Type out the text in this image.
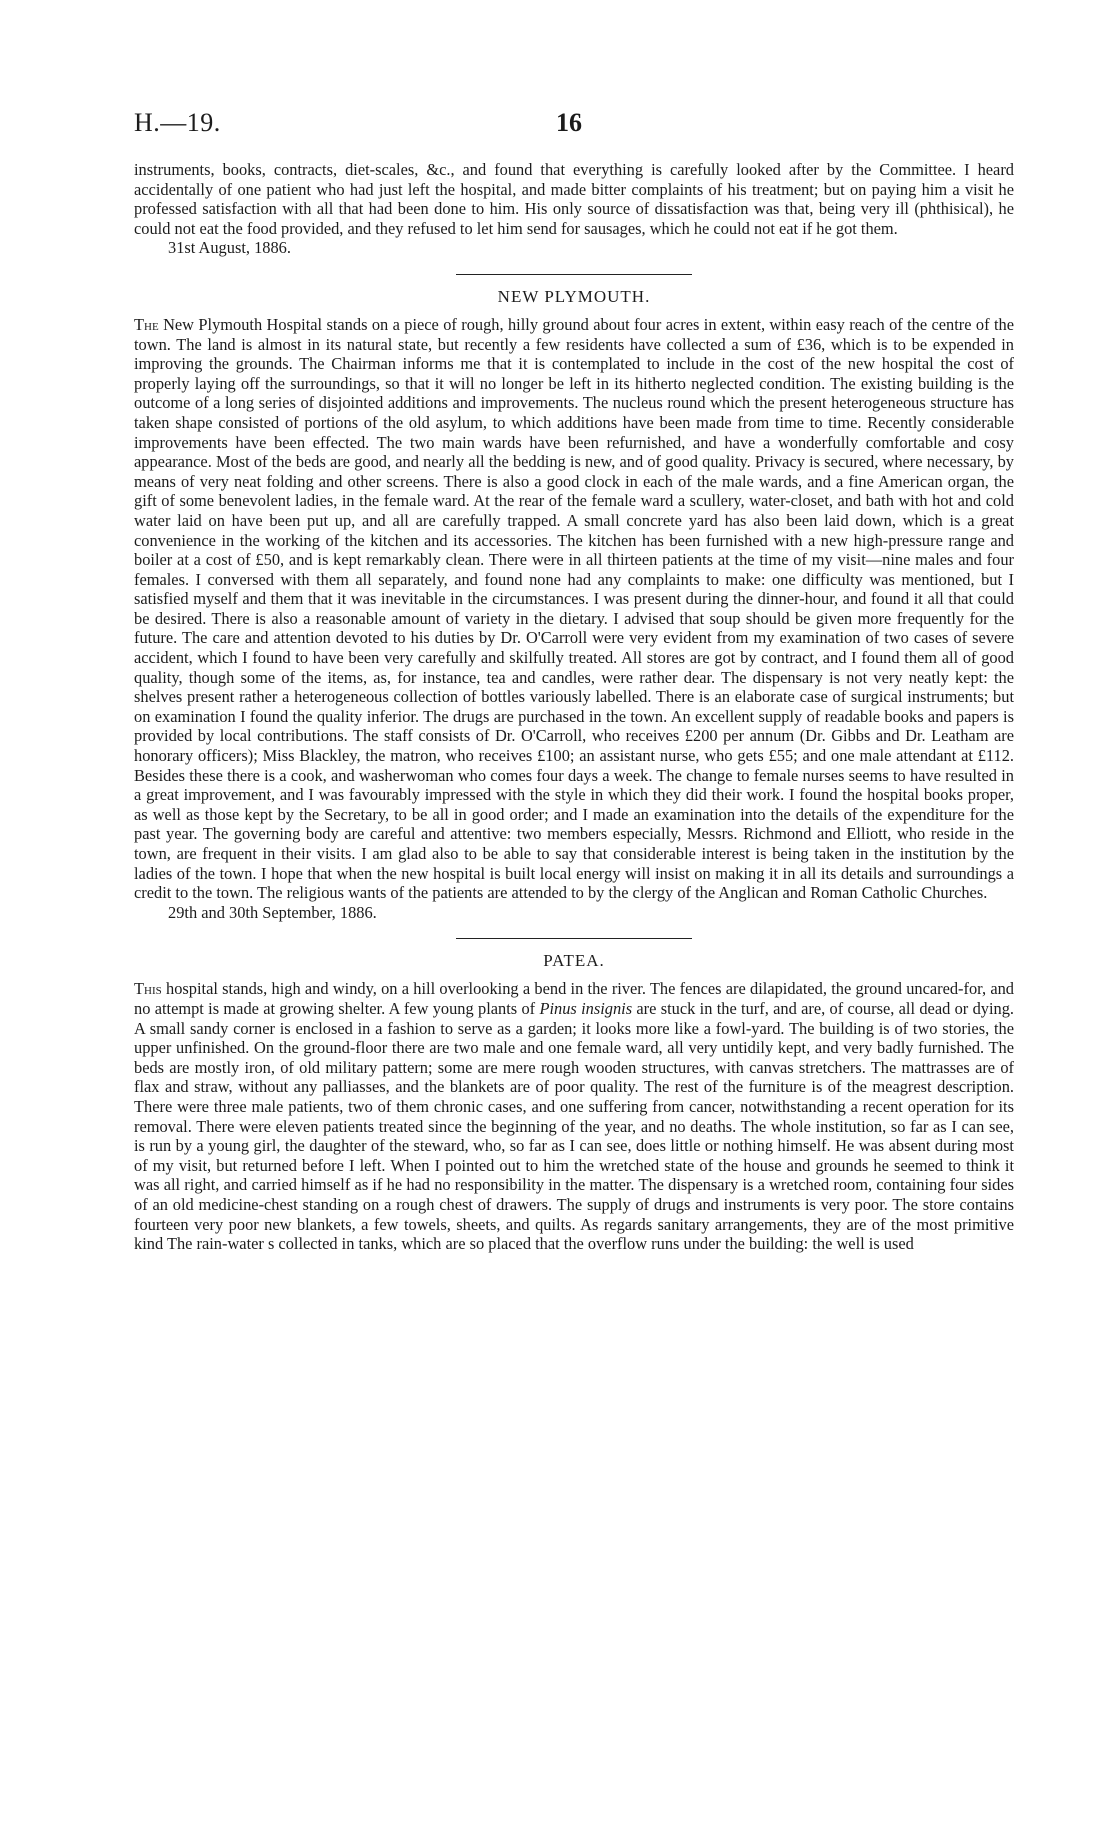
H.—19.	16

instruments, books, contracts, diet-scales, &c., and found that everything is carefully looked after by the Committee. I heard accidentally of one patient who had just left the hospital, and made bitter complaints of his treatment; but on paying him a visit he professed satisfaction with all that had been done to him. His only source of dissatisfaction was that, being very ill (phthisical), he could not eat the food provided, and they refused to let him send for sausages, which he could not eat if he got them.

31st August, 1886.

NEW PLYMOUTH.

The New Plymouth Hospital stands on a piece of rough, hilly ground about four acres in extent, within easy reach of the centre of the town. The land is almost in its natural state, but recently a few residents have collected a sum of £36, which is to be expended in improving the grounds. The Chairman informs me that it is contemplated to include in the cost of the new hospital the cost of properly laying off the surroundings, so that it will no longer be left in its hitherto neglected condition. The existing building is the outcome of a long series of disjointed additions and improvements. The nucleus round which the present heterogeneous structure has taken shape consisted of portions of the old asylum, to which additions have been made from time to time. Recently considerable improvements have been effected. The two main wards have been refurnished, and have a wonderfully comfortable and cosy appearance. Most of the beds are good, and nearly all the bedding is new, and of good quality. Privacy is secured, where necessary, by means of very neat folding and other screens. There is also a good clock in each of the male wards, and a fine American organ, the gift of some benevolent ladies, in the female ward. At the rear of the female ward a scullery, water-closet, and bath with hot and cold water laid on have been put up, and all are carefully trapped. A small concrete yard has also been laid down, which is a great convenience in the working of the kitchen and its accessories. The kitchen has been furnished with a new high-pressure range and boiler at a cost of £50, and is kept remarkably clean. There were in all thirteen patients at the time of my visit—nine males and four females. I conversed with them all separately, and found none had any complaints to make: one difficulty was mentioned, but I satisfied myself and them that it was inevitable in the circumstances. I was present during the dinner-hour, and found it all that could be desired. There is also a reasonable amount of variety in the dietary. I advised that soup should be given more frequently for the future. The care and attention devoted to his duties by Dr. O'Carroll were very evident from my examination of two cases of severe accident, which I found to have been very carefully and skilfully treated. All stores are got by contract, and I found them all of good quality, though some of the items, as, for instance, tea and candles, were rather dear. The dispensary is not very neatly kept: the shelves present rather a heterogeneous collection of bottles variously labelled. There is an elaborate case of surgical instruments; but on examination I found the quality inferior. The drugs are purchased in the town. An excellent supply of readable books and papers is provided by local contributions. The staff consists of Dr. O'Carroll, who receives £200 per annum (Dr. Gibbs and Dr. Leatham are honorary officers); Miss Blackley, the matron, who receives £100; an assistant nurse, who gets £55; and one male attendant at £112. Besides these there is a cook, and washerwoman who comes four days a week. The change to female nurses seems to have resulted in a great improvement, and I was favourably impressed with the style in which they did their work. I found the hospital books proper, as well as those kept by the Secretary, to be all in good order; and I made an examination into the details of the expenditure for the past year. The governing body are careful and attentive: two members especially, Messrs. Richmond and Elliott, who reside in the town, are frequent in their visits. I am glad also to be able to say that considerable interest is being taken in the institution by the ladies of the town. I hope that when the new hospital is built local energy will insist on making it in all its details and surroundings a credit to the town. The religious wants of the patients are attended to by the clergy of the Anglican and Roman Catholic Churches.

29th and 30th September, 1886.

PATEA.

This hospital stands, high and windy, on a hill overlooking a bend in the river. The fences are dilapidated, the ground uncared-for, and no attempt is made at growing shelter. A few young plants of Pinus insignis are stuck in the turf, and are, of course, all dead or dying. A small sandy corner is enclosed in a fashion to serve as a garden; it looks more like a fowl-yard. The building is of two stories, the upper unfinished. On the ground-floor there are two male and one female ward, all very untidily kept, and very badly furnished. The beds are mostly iron, of old military pattern; some are mere rough wooden structures, with canvas stretchers. The mattrasses are of flax and straw, without any palliasses, and the blankets are of poor quality. The rest of the furniture is of the meagrest description. There were three male patients, two of them chronic cases, and one suffering from cancer, notwithstanding a recent operation for its removal. There were eleven patients treated since the beginning of the year, and no deaths. The whole institution, so far as I can see, is run by a young girl, the daughter of the steward, who, so far as I can see, does little or nothing himself. He was absent during most of my visit, but returned before I left. When I pointed out to him the wretched state of the house and grounds he seemed to think it was all right, and carried himself as if he had no responsibility in the matter. The dispensary is a wretched room, containing four sides of an old medicine-chest standing on a rough chest of drawers. The supply of drugs and instruments is very poor. The store contains fourteen very poor new blankets, a few towels, sheets, and quilts. As regards sanitary arrangements, they are of the most primitive kind The rain-water s collected in tanks, which are so placed that the overflow runs under the building: the well is used
